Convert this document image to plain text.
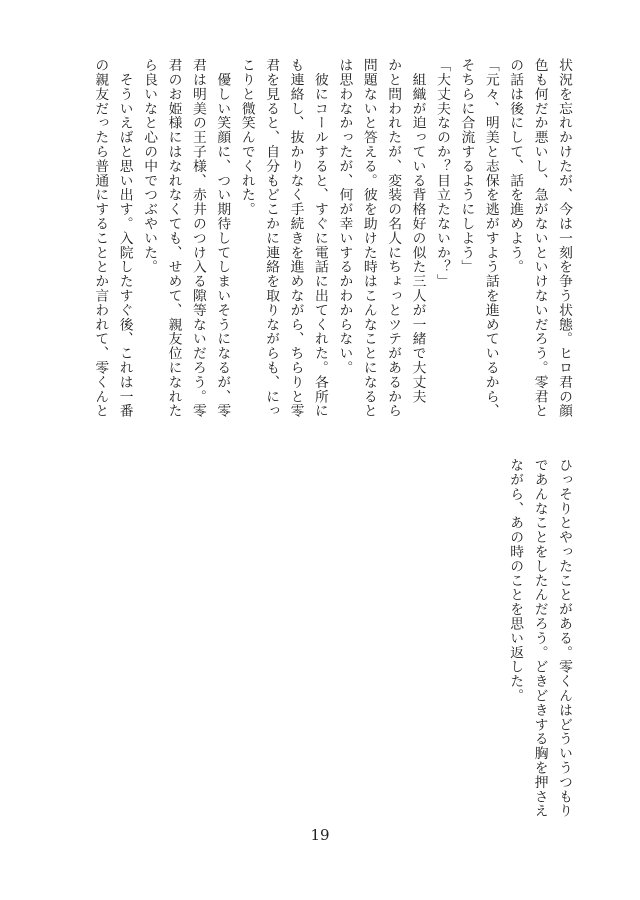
状況を忘れかけたが、今は一刻を争う状態。ヒロ君の顔
色も何だか悪いし、急がないといけないだろう。零君と
の話は後にして、話を進めよう。
「元々、明美と志保を逃がすよう話を進めているから、
そちらに合流するようにしよう」
「大丈夫なのか？目立たないか？」
　組織が迫っている背格好の似た三人が一緒で大丈夫
かと問われたが、変装の名人にちょっとツテがあるから
問題ないと答える。彼を助けた時はこんなことになると
は思わなかったが、何が幸いするかわからない。
　彼にコールすると、すぐに電話に出てくれた。各所に
も連絡し、抜かりなく手続きを進めながら、ちらりと零
君を見ると、自分もどこかに連絡を取りながらも、にっ
こりと微笑んでくれた。
　優しい笑顔に、つい期待してしまいそうになるが、零
君は明美の王子様、赤井のつけ入る隙等ないだろう。零
君のお姫様にはなれなくても、せめて、親友位になれた
ら良いなと心の中でつぶやいた。
　そういえばと思い出す。入院したすぐ後、これは一番
の親友だったら普通にすることとか言われて、零くんと
ひっそりとやったことがある。零くんはどういうつもり
であんなことをしたんだろう。どきどきする胸を押さえ
ながら、あの時のことを思い返した。
19
